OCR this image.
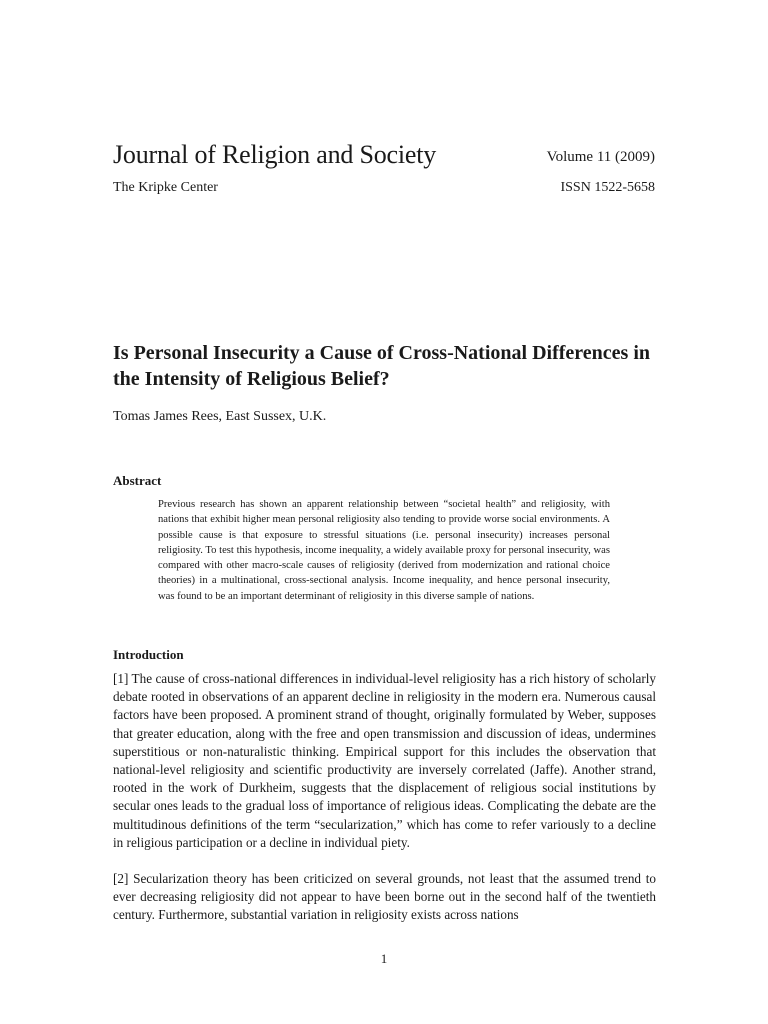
Journal of Religion and Society	Volume 11 (2009)
The Kripke Center	ISSN 1522-5658
Is Personal Insecurity a Cause of Cross-National Differences in the Intensity of Religious Belief?
Tomas James Rees, East Sussex, U.K.
Abstract

Previous research has shown an apparent relationship between “societal health” and religiosity, with nations that exhibit higher mean personal religiosity also tending to provide worse social environments. A possible cause is that exposure to stressful situations (i.e. personal insecurity) increases personal religiosity. To test this hypothesis, income inequality, a widely available proxy for personal insecurity, was compared with other macro-scale causes of religiosity (derived from modernization and rational choice theories) in a multinational, cross-sectional analysis. Income inequality, and hence personal insecurity, was found to be an important determinant of religiosity in this diverse sample of nations.

Introduction

[1] The cause of cross-national differences in individual-level religiosity has a rich history of scholarly debate rooted in observations of an apparent decline in religiosity in the modern era. Numerous causal factors have been proposed. A prominent strand of thought, originally formulated by Weber, supposes that greater education, along with the free and open transmission and discussion of ideas, undermines superstitious or non-naturalistic thinking. Empirical support for this includes the observation that national-level religiosity and scientific productivity are inversely correlated (Jaffe). Another strand, rooted in the work of Durkheim, suggests that the displacement of religious social institutions by secular ones leads to the gradual loss of importance of religious ideas. Complicating the debate are the multitudinous definitions of the term “secularization,” which has come to refer variously to a decline in religious participation or a decline in individual piety.

[2] Secularization theory has been criticized on several grounds, not least that the assumed trend to ever decreasing religiosity did not appear to have been borne out in the second half of the twentieth century. Furthermore, substantial variation in religiosity exists across nations

1
